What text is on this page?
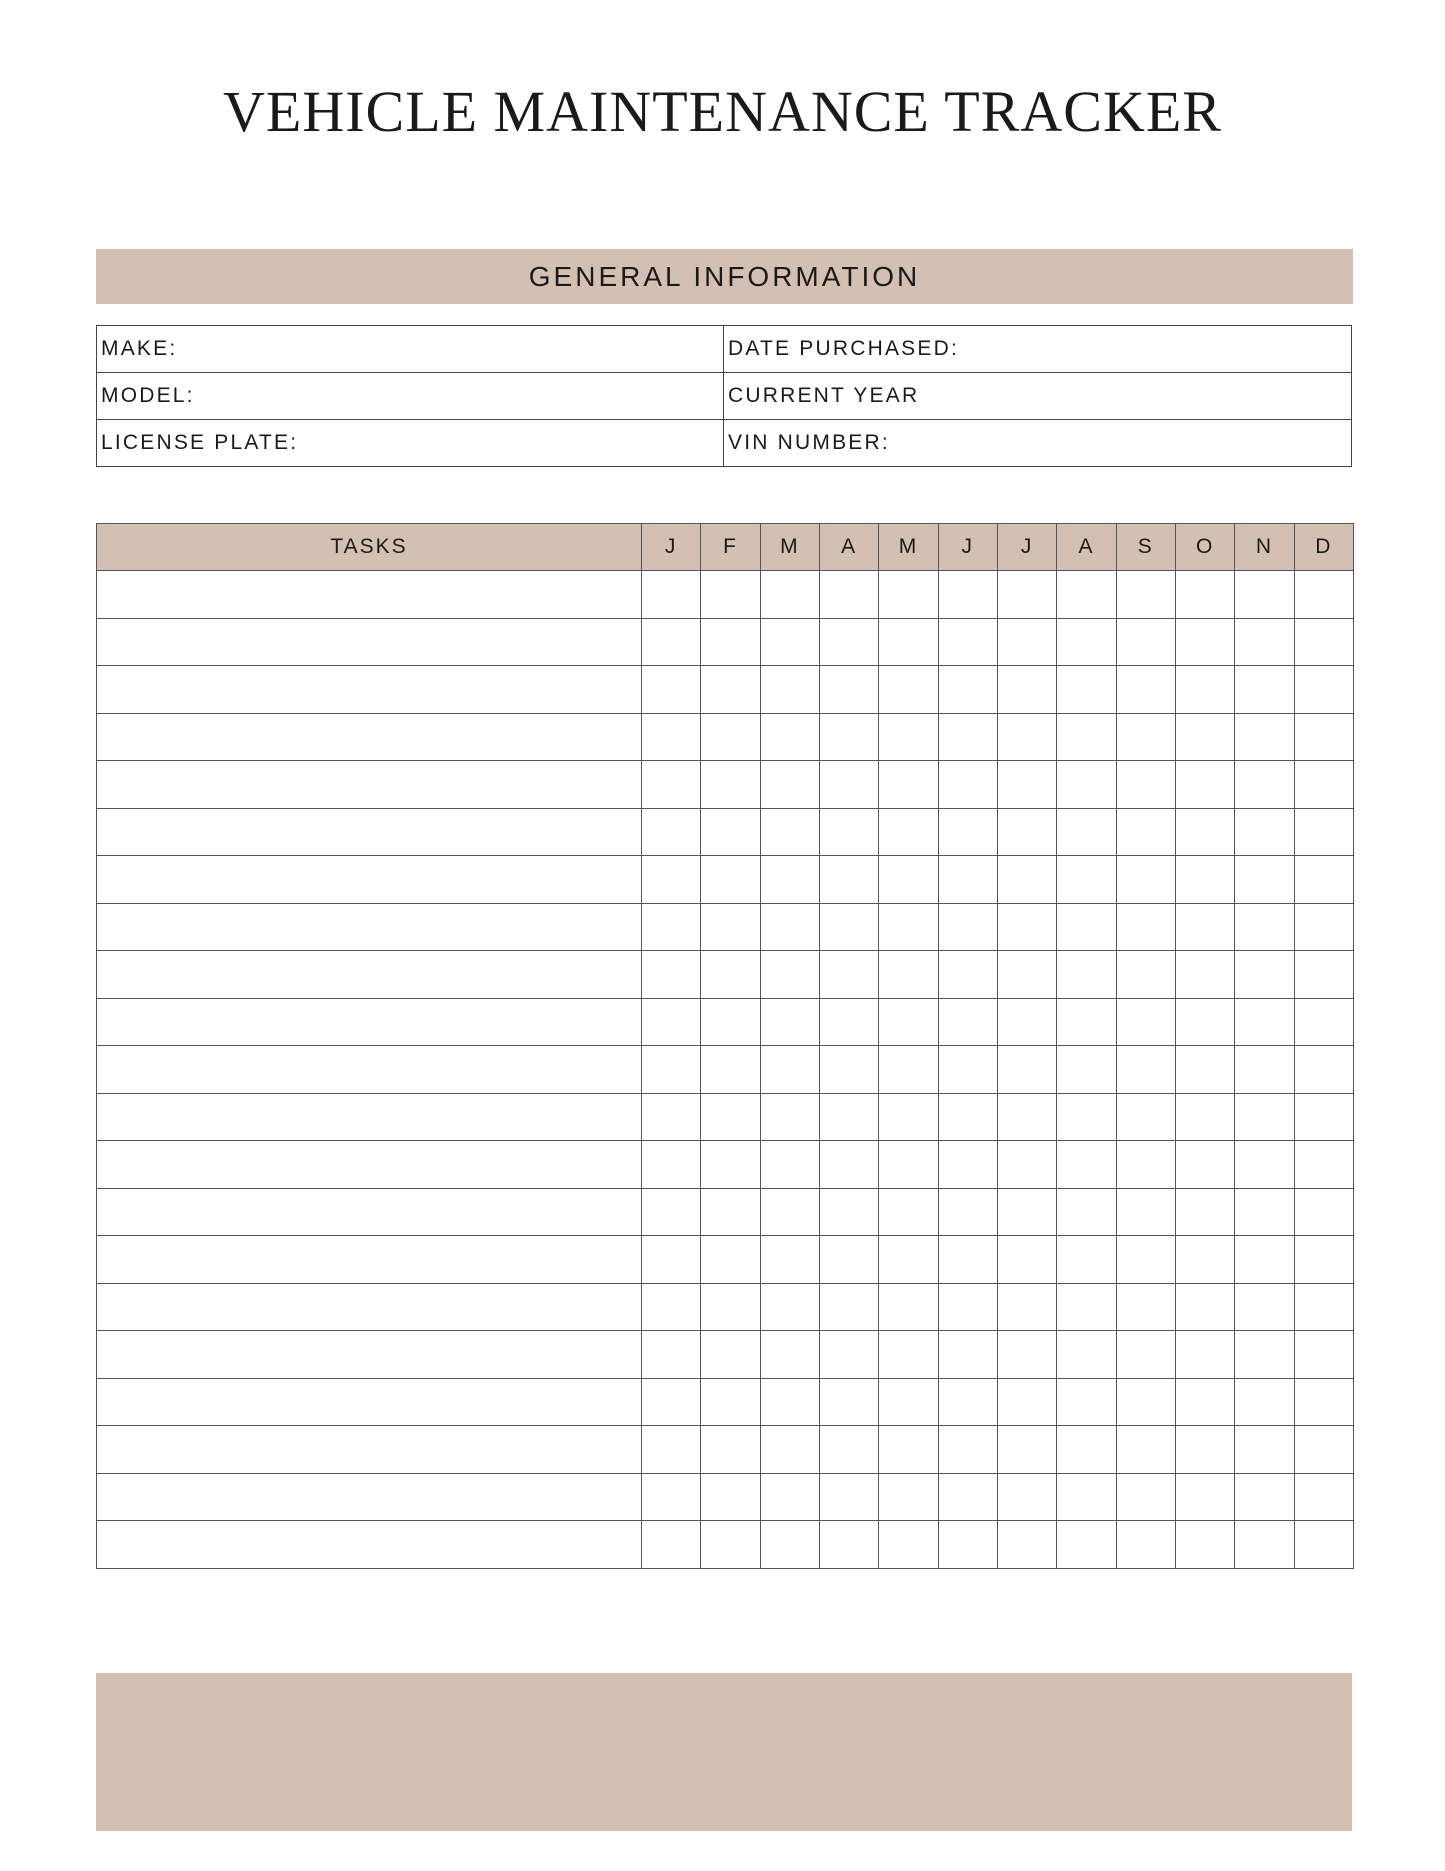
VEHICLE MAINTENANCE TRACKER
GENERAL INFORMATION
MAKE:	DATE PURCHASED:
MODEL:	CURRENT YEAR
LICENSE PLATE:	VIN NUMBER:
TASKS	J	F	M	A	M	J	J	A	S	O	N	D
